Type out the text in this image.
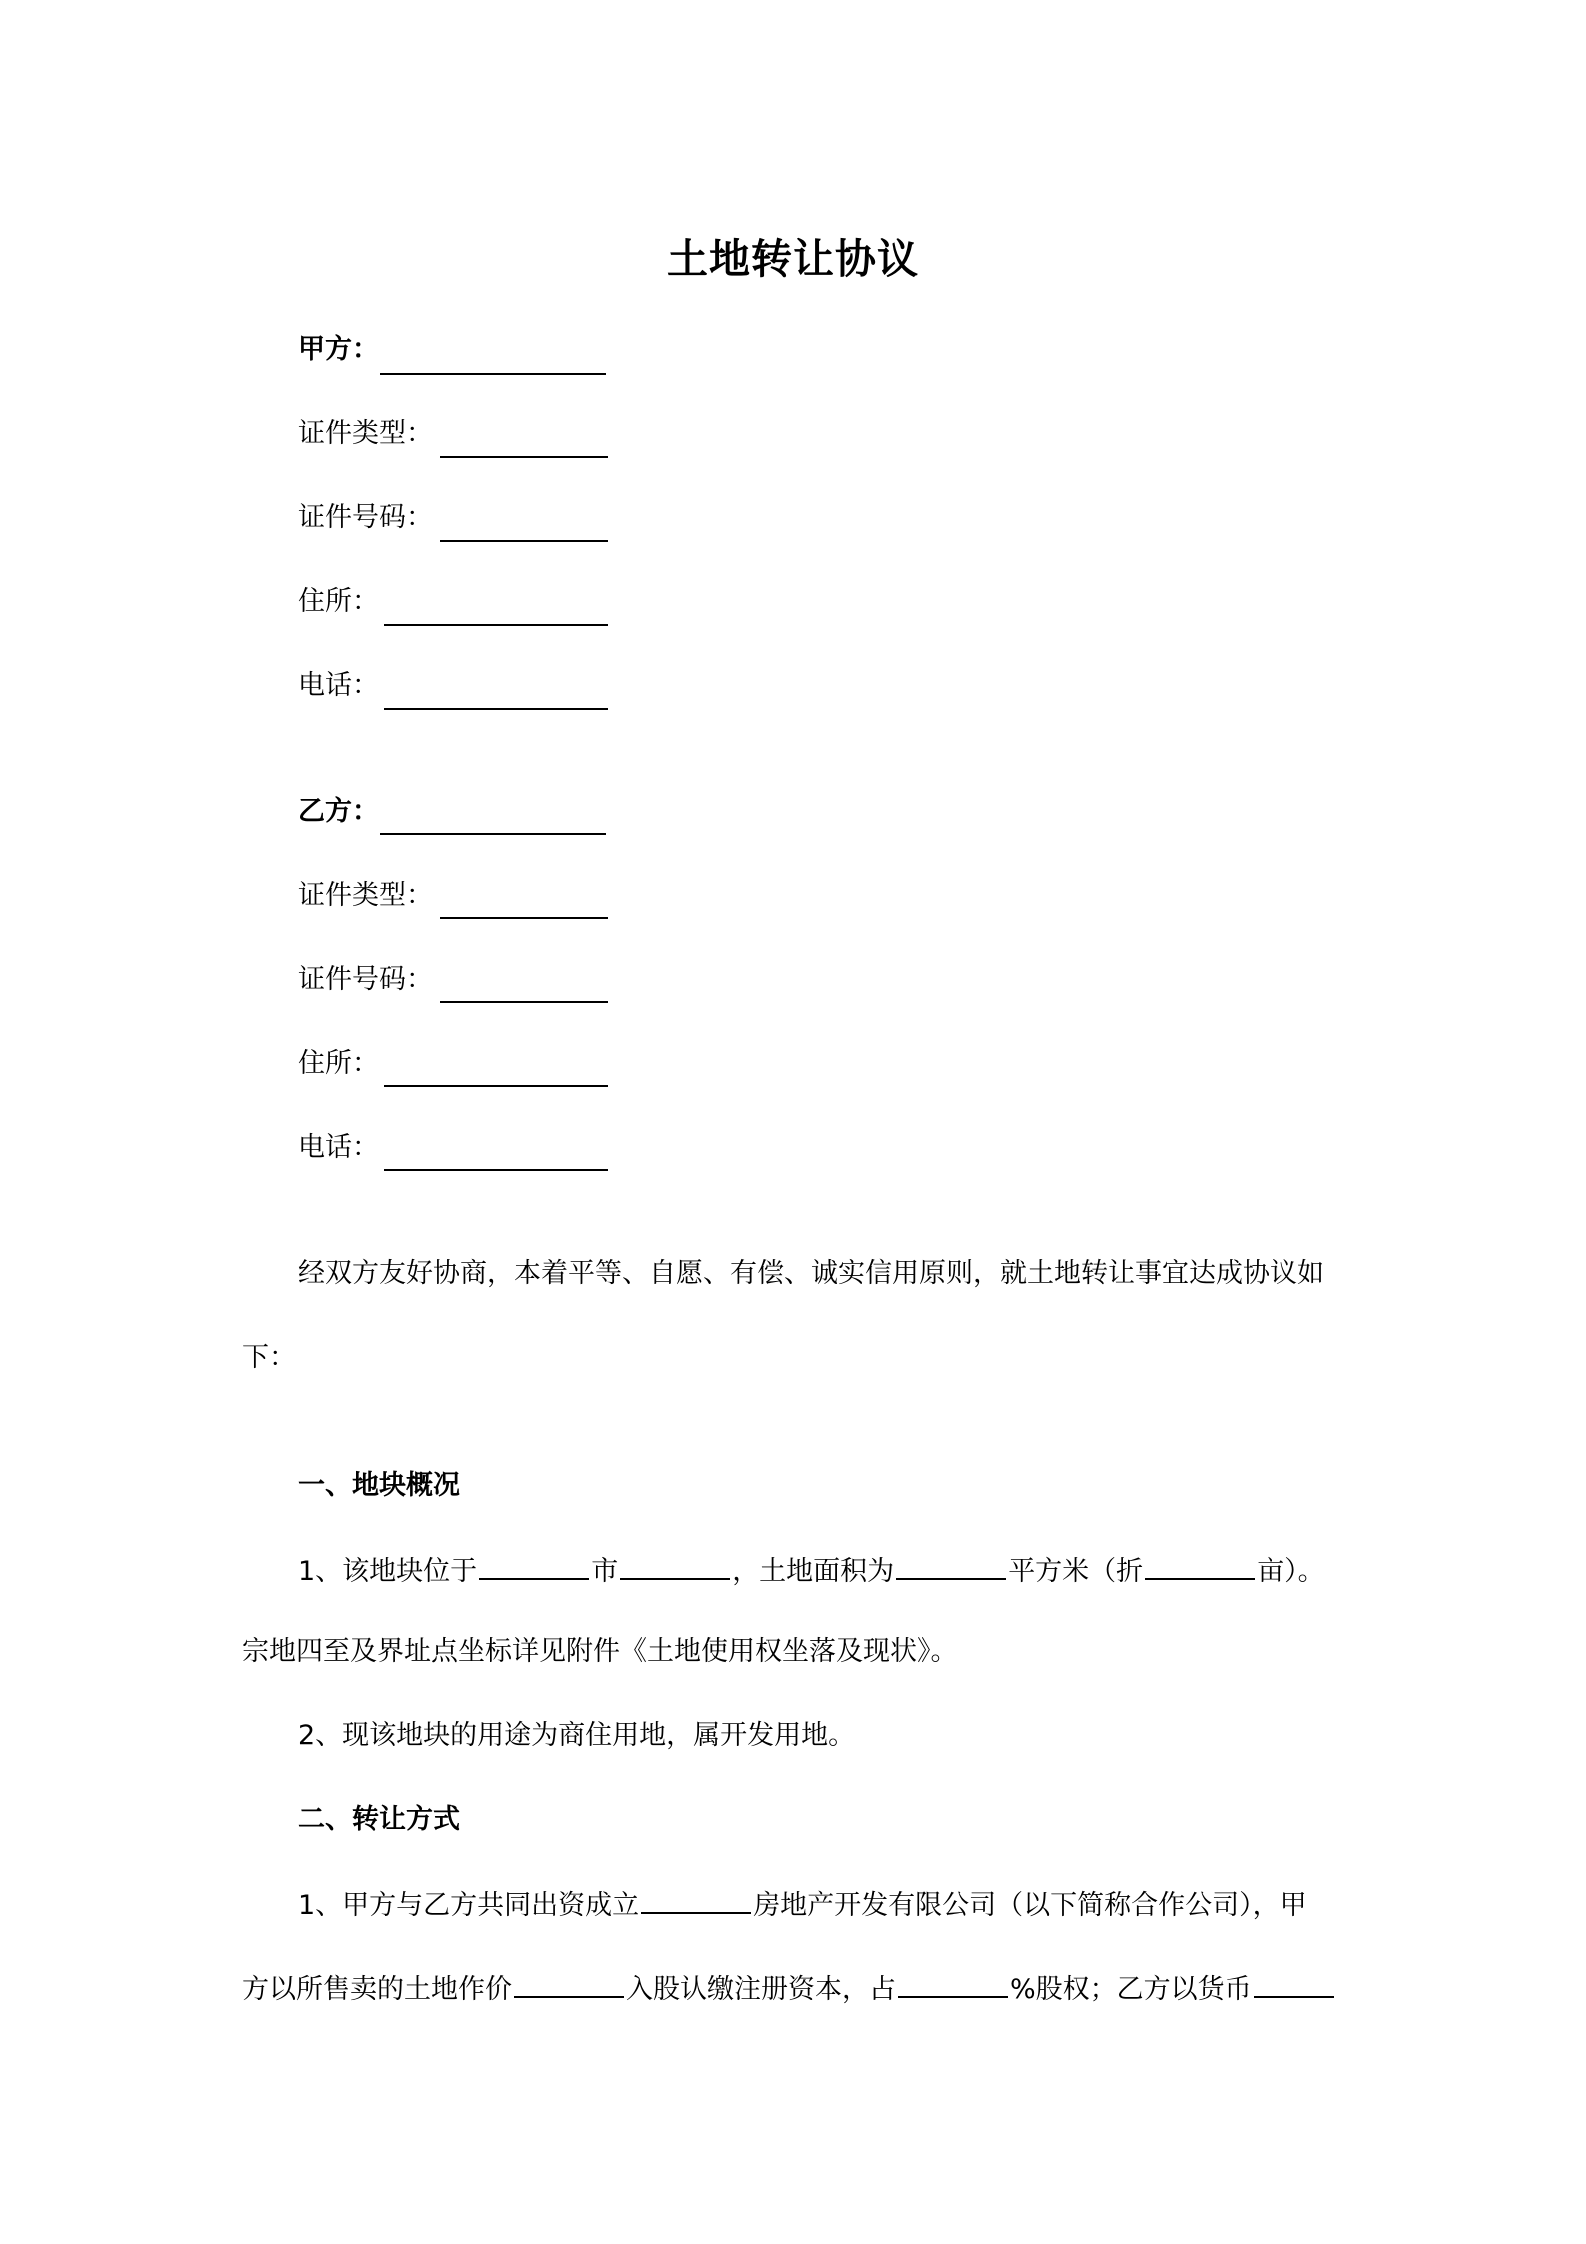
土地转让协议
甲方：
证件类型：
证件号码：
住所：
电话：
乙方：
证件类型：
证件号码：
住所：
电话：
经双方友好协商，本着平等、自愿、有偿、诚实信用原则，就土地转让事宜达成协议如
下：
一、地块概况
1、该地块位于	市	，土地面积为	平方米（折	亩）。
宗地四至及界址点坐标详见附件《土地使用权坐落及现状》。
2、现该地块的用途为商住用地，属开发用地。
二、转让方式
1、甲方与乙方共同出资成立	房地产开发有限公司（以下简称合作公司），甲
方以所售卖的土地作价	入股认缴注册资本，占	%股权；乙方以货币
